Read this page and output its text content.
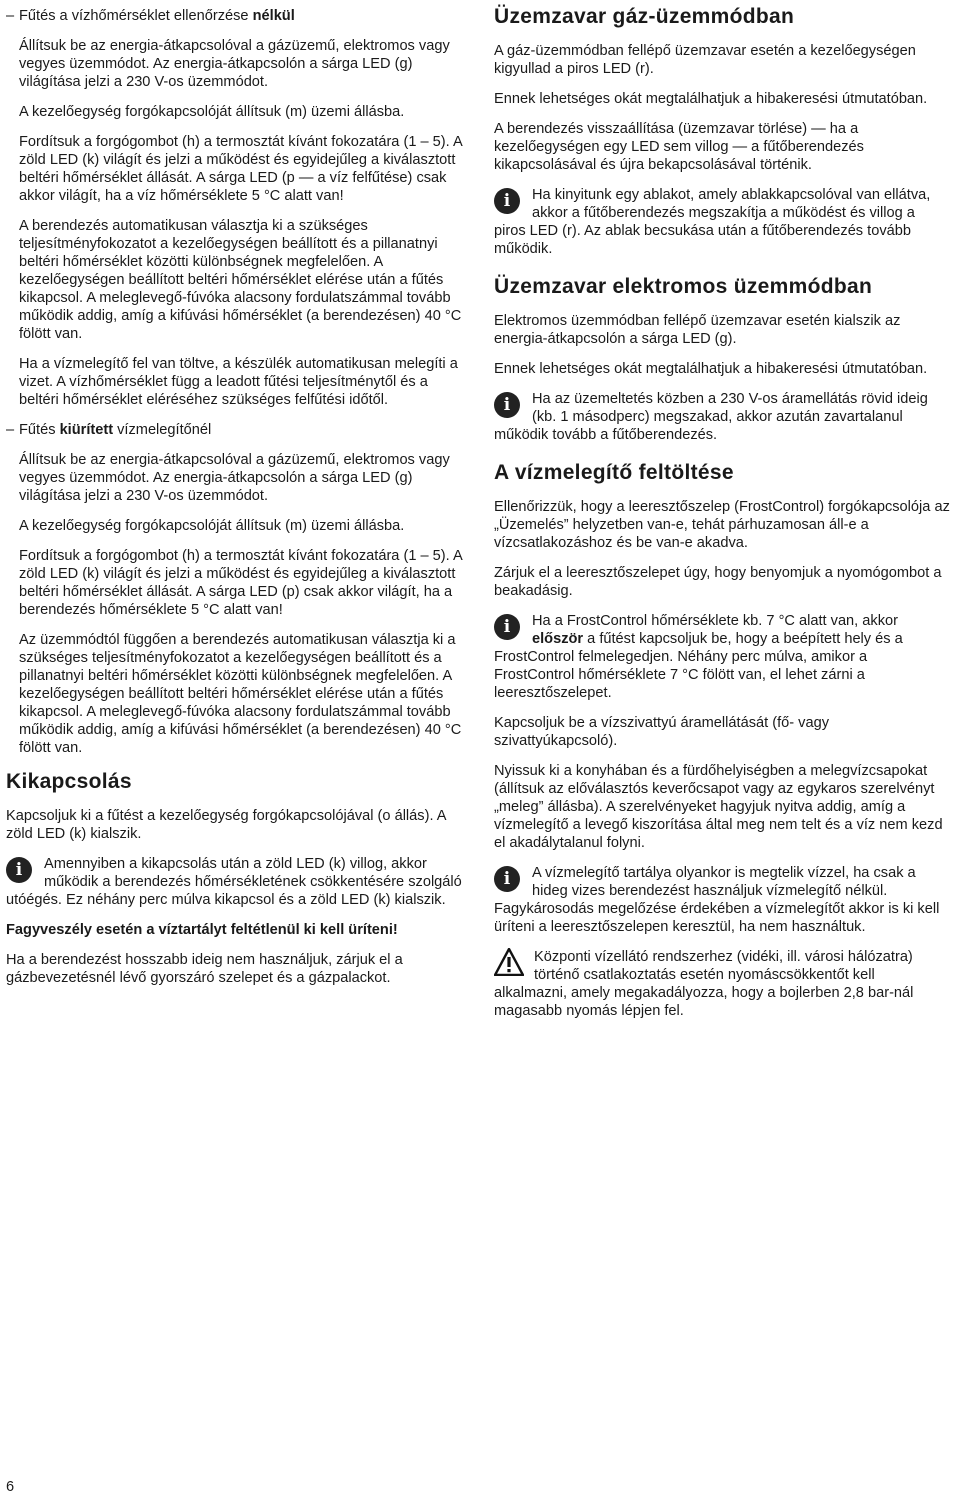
– Fűtés a vízhőmérséklet ellenőrzése nélkül

Állítsuk be az energia-átkapcsolóval a gázüzemű, elektromos vagy vegyes üzemmódot. Az energia-átkapcsolón a sárga LED (g) világítása jelzi a 230 V-os üzemmódot.

A kezelőegység forgókapcsolóját állítsuk (m) üzemi állásba.

Fordítsuk a forgógombot (h) a termosztát kívánt fokozatára (1 – 5). A zöld LED (k) világít és jelzi a működést és egyidejűleg a kiválasztott beltéri hőmérséklet állását. A sárga LED (p — a víz felfűtése) csak akkor világít, ha a víz hőmérséklete 5 °C alatt van!

A berendezés automatikusan választja ki a szükséges teljesítményfokozatot a kezelőegységen beállított és a pillanatnyi beltéri hőmérséklet közötti különbségnek megfelelően. A kezelőegységen beállított beltéri hőmérséklet elérése után a fűtés kikapcsol. A meleglevegő-fúvóka alacsony fordulatszámmal tovább működik addig, amíg a kifúvási hőmérséklet (a berendezésen) 40 °C fölött van.

Ha a vízmelegítő fel van töltve, a készülék automatikusan melegíti a vizet. A vízhőmérséklet függ a leadott fűtési teljesítménytől és a beltéri hőmérséklet eléréséhez szükséges felfűtési időtől.

– Fűtés kiürített vízmelegítőnél

Állítsuk be az energia-átkapcsolóval a gázüzemű, elektromos vagy vegyes üzemmódot. Az energia-átkapcsolón a sárga LED (g) világítása jelzi a 230 V-os üzemmódot.

A kezelőegység forgókapcsolóját állítsuk (m) üzemi állásba.

Fordítsuk a forgógombot (h) a termosztát kívánt fokozatára (1 – 5). A zöld LED (k) világít és jelzi a működést és egyidejűleg a kiválasztott beltéri hőmérséklet állását. A sárga LED (p) csak akkor világít, ha a berendezés hőmérséklete 5 °C alatt van!

Az üzemmódtól függően a berendezés automatikusan választja ki a szükséges teljesítményfokozatot a kezelőegységen beállított és a pillanatnyi beltéri hőmérséklet közötti különbségnek megfelelően. A kezelőegységen beállított beltéri hőmérséklet elérése után a fűtés kikapcsol. A meleglevegő-fúvóka alacsony fordulatszámmal tovább működik addig, amíg a kifúvási hőmérséklet (a berendezésen) 40 °C fölött van.

Kikapcsolás

Kapcsoljuk ki a fűtést a kezelőegység forgókapcsolójával (o állás). A zöld LED (k) kialszik.

i	Amennyiben a kikapcsolás után a zöld LED (k) villog, akkor működik a berendezés hőmérsékletének csökkentésére szolgáló utóégés. Ez néhány perc múlva kikapcsol és a zöld LED (k) kialszik.

Fagyveszély esetén a víztartályt feltétlenül ki kell üríteni!

Ha a berendezést hosszabb ideig nem használjuk, zárjuk el a gázbevezetésnél lévő gyorszáró szelepet és a gázpalackot.

Üzemzavar gáz-üzemmódban

A gáz-üzemmódban fellépő üzemzavar esetén a kezelőegységen kigyullad a piros LED (r).

Ennek lehetséges okát megtalálhatjuk a hibakeresési útmutatóban.

A berendezés visszaállítása (üzemzavar törlése) — ha a kezelőegységen egy LED sem villog — a fűtőberendezés kikapcsolásával és újra bekapcsolásával történik.

i	Ha kinyitunk egy ablakot, amely ablakkapcsolóval van ellátva, akkor a fűtőberendezés megszakítja a működést és villog a piros LED (r). Az ablak becsukása után a fűtőberendezés tovább működik.
Üzemzavar elektromos üzemmódban

Elektromos üzemmódban fellépő üzemzavar esetén kialszik az energia-átkapcsolón a sárga LED (g).

Ennek lehetséges okát megtalálhatjuk a hibakeresési útmutatóban.

i	Ha az üzemeltetés közben a 230 V-os áramellátás rövid ideig (kb. 1 másodperc) megszakad, akkor azután zavartalanul működik tovább a fűtőberendezés.
A vízmelegítő feltöltése

Ellenőrizzük, hogy a leeresztőszelep (FrostControl) forgókapcsolója az „Üzemelés” helyzetben van-e, tehát párhuzamosan áll-e a vízcsatlakozáshoz és be van-e akadva.

Zárjuk el a leeresztőszelepet úgy, hogy benyomjuk a nyomógombot a beakadásig.

i	Ha a FrostControl hőmérséklete kb. 7 °C alatt van, akkor először a fűtést kapcsoljuk be, hogy a beépített hely és a FrostControl felmelegedjen. Néhány perc múlva, amikor a FrostControl hőmérséklete 7 °C fölött van, el lehet zárni a leeresztőszelepet.

Kapcsoljuk be a vízszivattyú áramellátását (fő- vagy szivattyúkapcsoló).

Nyissuk ki a konyhában és a fürdőhelyiségben a melegvízcsapokat (állítsuk az előválasztós keverőcsapot vagy az egykaros szerelvényt „meleg” állásba). A szerelvényeket hagyjuk nyitva addig, amíg a vízmelegítő a levegő kiszorítása által meg nem telt és a víz nem kezd el akadálytalanul folyni.

i	A vízmelegítő tartálya olyankor is megtelik vízzel, ha csak a hideg vizes berendezést használjuk vízmelegítő nélkül. Fagykárosodás megelőzése érdekében a vízmelegítőt akkor is ki kell üríteni a leeresztőszelepen keresztül, ha nem használtuk.
Központi vízellátó rendszerhez (vidéki, ill. városi hálózatra) történő csatlakoztatás esetén nyomáscsökkentőt kell alkalmazni, amely megakadályozza, hogy a bojlerben 2,8 bar-nál magasabb nyomás lépjen fel.
6
